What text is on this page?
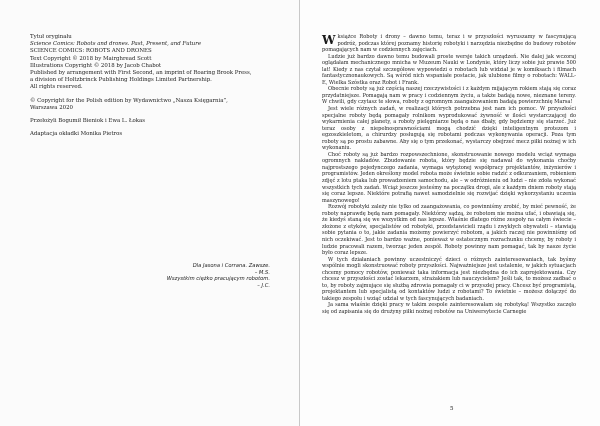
Tytuł oryginału

Science Comics: Robots and drones. Past, Present, and Future

SCIENCE COMICS: ROBOTS AND DRONES

Text Copyright © 2018 by Mairghread Scott

Illustrations Copyright © 2018 by Jacob Chabot

Published by arrangement with First Second, an imprint of Roaring Brook Press,

a division of Holtzbrinck Publishing Holdings Limited Partnership.

All rights reserved.

© Copyright for the Polish edition by Wydawnictwo „Nasza Księgarnia”,

Warszawa 2020

Przełożyli Bogumił Bieniok i Ewa L. Łokas

Adaptacja okładki Monika Pietros

Dla Jasona i Corrana. Zawsze.

– M.S.

Wszystkim ciężko pracującym robotom.

– J.C.

W książce Roboty i drony – dawno temu, teraz i w przyszłości wyruszamy w fascynującą podróż, podczas której poznamy historię robotyki i narzędzia niezbędne do budowy robotów pomagających nam w codziennych zajęciach.

Ludzie już bardzo dawno temu budowali proste wersje takich urządzeń. Nie dalej jak wczoraj oglądałam mechanicznego mnicha w Muzeum Nauki w Londynie, który liczy sobie już prawie 500 lat! Kiedy z nas czytał szczegółowe wypowiedzi o robotach lub widział je w komiksach i filmach fantastycznonaukowych. Są wśród nich wspaniałe postacie, jak ulubione filmy o robotach: WALL-E, Wielka Szóstka oraz Robot i Frank.

Obecnie roboty są już częścią naszej rzeczywistości i z każdym mijającym rokiem stają się coraz przydatniejsze. Pomagają nam w pracy i codziennym życiu, a także badają nowe, nieznane tereny. W chwili, gdy czytasz te słowa, roboty z ogromnym zaangażowaniem badają powierzchnię Marsa!

Jest wiele różnych zadań, w realizacji których potrzebna jest nam ich pomoc. W przyszłości specjalne roboty będą pomagały rolnikom wyprodukować żywność w ilości wystarczającej do wykarmienia całej planety, a roboty pielęgniarze będą o nas dbały, gdy będziemy się starzeć. Już teraz osoby z niepełnosprawnościami mogą chodzić dzięki inteligentnym protezom i egzoszkieletom, a chirurdzy posługują się robotami podczas wykonywania operacji. Poza tym roboty są po prostu zabawne. Aby się o tym przekonać, wystarczy obejrzeć mecz piłki nożnej w ich wykonaniu.

Choć roboty są już bardzo rozpowszechnione, skonstruowanie nowego modelu wciąż wymaga ogromnych nakładów. Zbudowanie robota, który będzie się nadawał do wykonania choćby najprostszego pojedynczego zadania, wymaga wytężonej współpracy projektantów, inżynierów i programistów. Jeden określony model robota może świetnie sobie radzić z odkurzaniem, robieniem zdjęć z lotu ptaka lub prowadzeniem samochodu, ale – w odróżnieniu od ludzi – nie zdoła wykonać wszystkich tych zadań. Wciąż jeszcze jesteśmy na początku drogi, ale z każdym dniem roboty stają się coraz lepsze. Niektóre potrafią nawet samodzielnie się rozwijać dzięki wykorzystaniu uczenia maszynowego!

Rozwój robotyki zależy nie tylko od zaangażowania, co powinniśmy zrobić, by mieć pewność, że roboty naprawdę będą nam pomagały. Niektórzy sądzą, że robotom nie można ufać, i obawiają się, że kiedyś staną się we wszystkim od nas lepsze. Właśnie dlatego różne zespoły na całym świecie – złożone z etyków, specjalistów od robotyki, przedstawicieli rządu i zwykłych obywateli – stawiają sobie pytania o to, jakie zadania możemy powierzyć robotom, a jakich raczej nie powinniśmy od nich oczekiwać. Jest to bardzo ważne, ponieważ w ostatecznym rozrachunku chcemy, by roboty i ludzie pracowali razem, tworząc jeden zespół. Roboty powinny nam pomagać, tak by nasze życie było coraz lepsze.

W tych działaniach powinny uczestniczyć dzieci o różnych zainteresowaniach, tak byśmy wspólnie mogli skonstruować roboty przyszłości. Najważniejsze jest ustalenie, w jakich sytuacjach chcemy pomocy robotów, ponieważ taka informacja jest niezbędna do ich zaprojektowania. Czy chcesz w przyszłości zostać lekarzem, strażakiem lub nauczycielem? Jeśli tak, to możesz zadbać o to, by roboty zajmujące się służbą zdrowia pomagały ci w przyszłej pracy. Chcesz być programistą, projektantem lub specjalistą od kontaktów ludzi z robotami? To świetnie – możesz dołączyć do takiego zespołu i wziąć udział w tych fascynujących badaniach.

Ja sama właśnie dzięki pracy w takim zespole zainteresowałam się robotyką! Wszystko zaczęło się od zapisania się do drużyny piłki nożnej robotów na Uniwersytecie Carnegie

5
